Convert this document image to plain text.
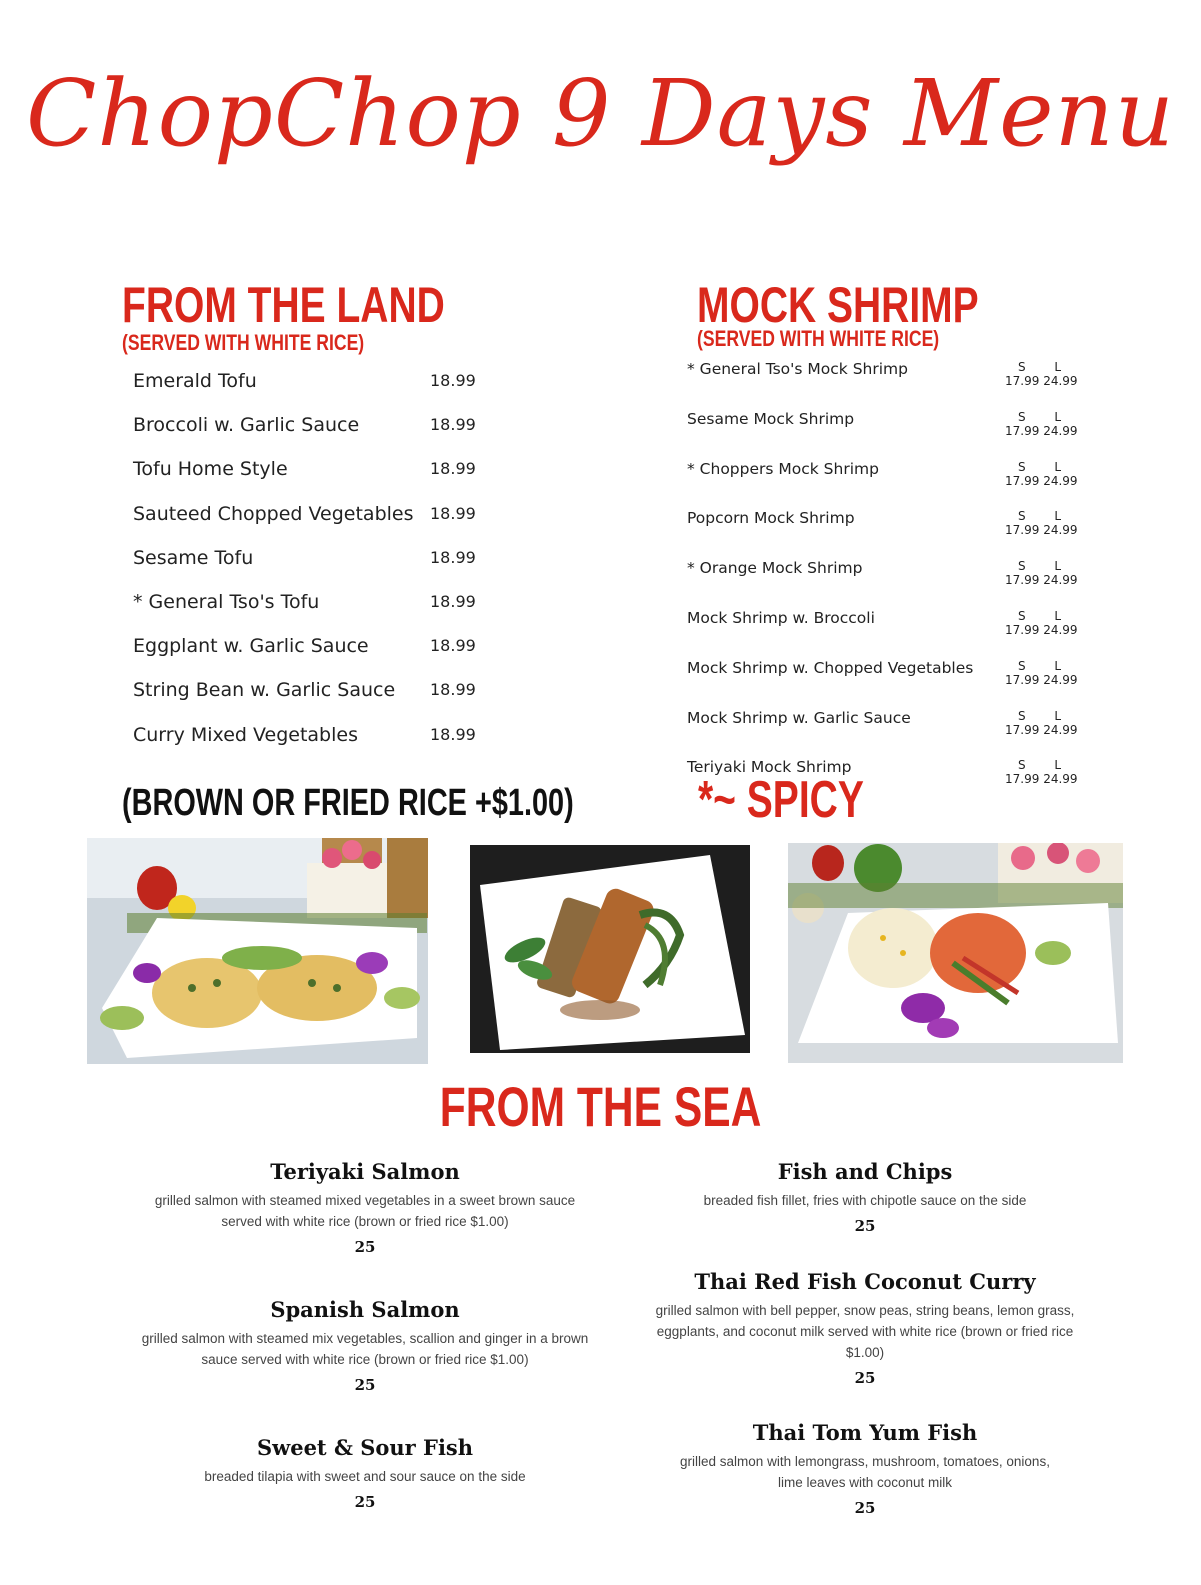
ChopChop 9 Days Menu
FROM THE LAND
(SERVED WITH WHITE RICE)
Emerald Tofu	18.99
Broccoli w. Garlic Sauce	18.99
Tofu Home Style	18.99
Sauteed Chopped Vegetables 18.99
Sesame Tofu	18.99
* General Tso's Tofu	18.99
Eggplant w. Garlic Sauce	18.99
String Bean w. Garlic Sauce 18.99
Curry Mixed Vegetables	18.99
(BROWN OR FRIED RICE +$1.00)
MOCK SHRIMP
(SERVED WITH WHITE RICE)
* General Tso's Mock Shrimp	S L
17.99 24.99
Sesame Mock Shrimp	S L
17.99 24.99
* Choppers Mock Shrimp	S L
17.99 24.99
Popcorn Mock Shrimp	S L
17.99 24.99
* Orange Mock Shrimp	S L
17.99 24.99
Mock Shrimp w. Broccoli	S L
17.99 24.99
Mock Shrimp w. Chopped Vegetables	S L
17.99 24.99
Mock Shrimp w. Garlic Sauce	S L
17.99 24.99
Teriyaki Mock Shrimp	S L
17.99 24.99
*~ SPICY
FROM THE SEA
Teriyaki Salmon
grilled salmon with steamed mixed vegetables in a sweet brown sauce served with white rice (brown or fried rice $1.00)
25
Spanish Salmon
grilled salmon with steamed mix vegetables, scallion and ginger in a brown sauce served with white rice (brown or fried rice $1.00)
25
Sweet & Sour Fish
breaded tilapia with sweet and sour sauce on the side
25
Fish and Chips
breaded fish fillet, fries with chipotle sauce on the side
25
Thai Red Fish Coconut Curry
grilled salmon with bell pepper, snow peas, string beans, lemon grass, eggplants, and coconut milk served with white rice (brown or fried rice $1.00)
25
Thai Tom Yum Fish
grilled salmon with lemongrass, mushroom, tomatoes, onions, lime leaves with coconut milk
25
